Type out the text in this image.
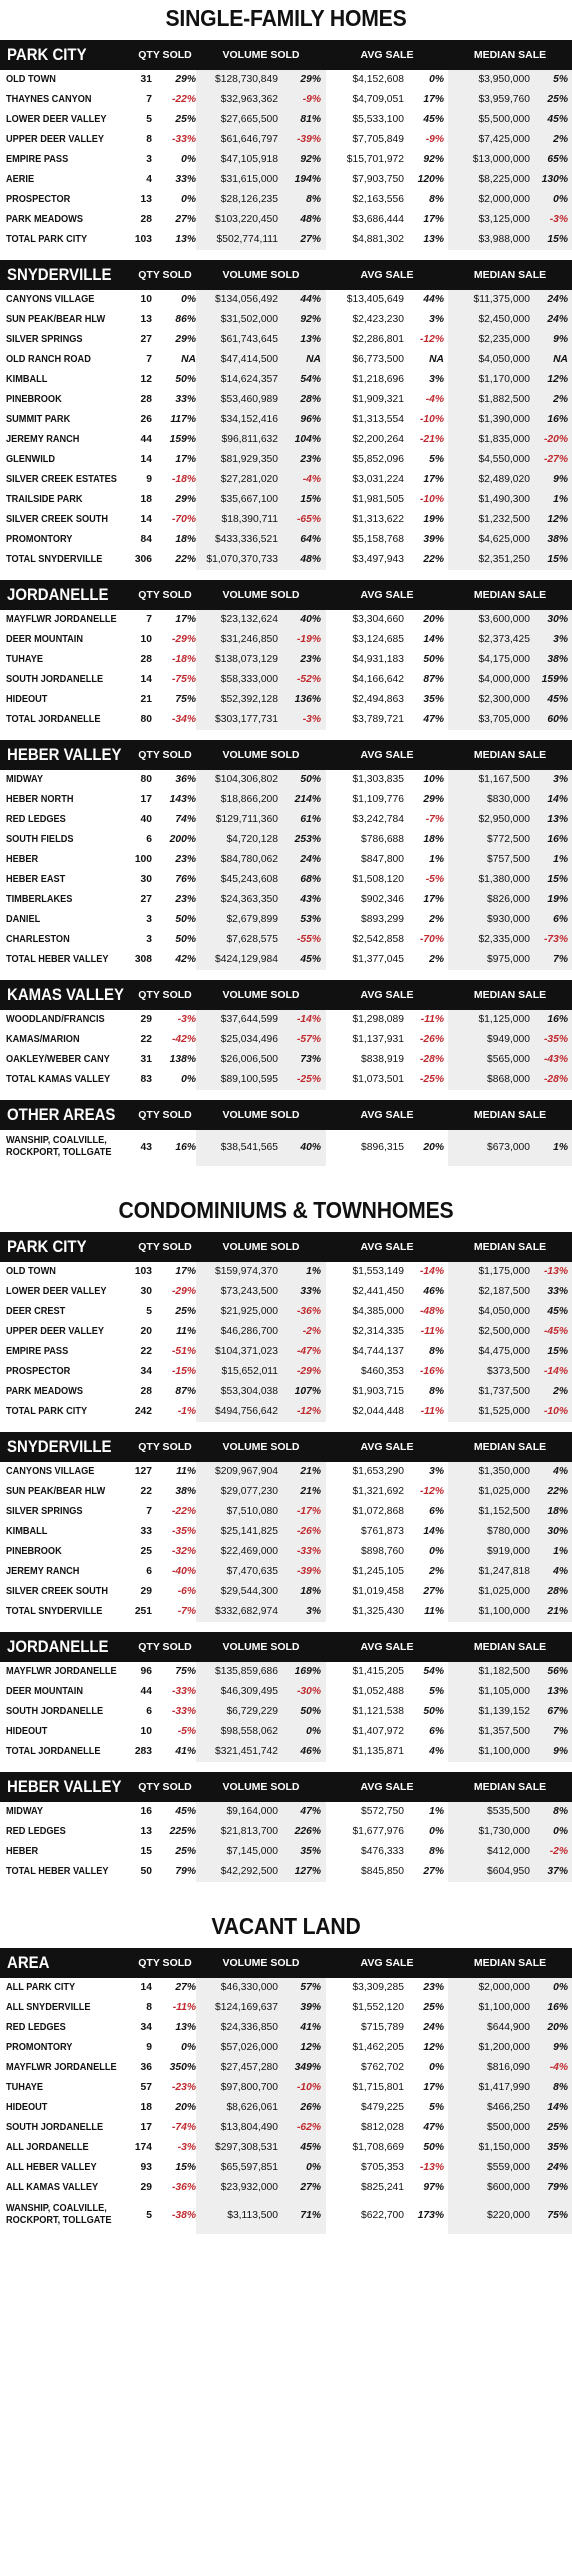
SINGLE-FAMILY HOMES
PARK CITY	QTY SOLD	VOLUME SOLD	AVG SALE	MEDIAN SALE
OLD TOWN	31	29%	$128,730,849	29%	$4,152,608	0%	$3,950,000	5%
THAYNES CANYON	7	-22%	$32,963,362	-9%	$4,709,051	17%	$3,959,760	25%
LOWER DEER VALLEY	5	25%	$27,665,500	81%	$5,533,100	45%	$5,500,000	45%
UPPER DEER VALLEY	8	-33%	$61,646,797	-39%	$7,705,849	-9%	$7,425,000	2%
EMPIRE PASS	3	0%	$47,105,918	92%	$15,701,972	92%	$13,000,000	65%
AERIE	4	33%	$31,615,000	194%	$7,903,750	120%	$8,225,000	130%
PROSPECTOR	13	0%	$28,126,235	8%	$2,163,556	8%	$2,000,000	0%
PARK MEADOWS	28	27%	$103,220,450	48%	$3,686,444	17%	$3,125,000	-3%
TOTAL PARK CITY	103	13%	$502,774,111	27%	$4,881,302	13%	$3,988,000	15%
SNYDERVILLE	QTY SOLD	VOLUME SOLD	AVG SALE	MEDIAN SALE
CANYONS VILLAGE	10	0%	$134,056,492	44%	$13,405,649	44%	$11,375,000	24%
SUN PEAK/BEAR HLW	13	86%	$31,502,000	92%	$2,423,230	3%	$2,450,000	24%
SILVER SPRINGS	27	29%	$61,743,645	13%	$2,286,801	-12%	$2,235,000	9%
OLD RANCH ROAD	7	NA	$47,414,500	NA	$6,773,500	NA	$4,050,000	NA
KIMBALL	12	50%	$14,624,357	54%	$1,218,696	3%	$1,170,000	12%
PINEBROOK	28	33%	$53,460,989	28%	$1,909,321	-4%	$1,882,500	2%
SUMMIT PARK	26	117%	$34,152,416	96%	$1,313,554	-10%	$1,390,000	16%
JEREMY RANCH	44	159%	$96,811,632	104%	$2,200,264	-21%	$1,835,000	-20%
GLENWILD	14	17%	$81,929,350	23%	$5,852,096	5%	$4,550,000	-27%
SILVER CREEK ESTATES	9	-18%	$27,281,020	-4%	$3,031,224	17%	$2,489,020	9%
TRAILSIDE PARK	18	29%	$35,667,100	15%	$1,981,505	-10%	$1,490,300	1%
SILVER CREEK SOUTH	14	-70%	$18,390,711	-65%	$1,313,622	19%	$1,232,500	12%
PROMONTORY	84	18%	$433,336,521	64%	$5,158,768	39%	$4,625,000	38%
TOTAL SNYDERVILLE	306	22%	$1,070,370,733	48%	$3,497,943	22%	$2,351,250	15%
JORDANELLE	QTY SOLD	VOLUME SOLD	AVG SALE	MEDIAN SALE
MAYFLWR JORDANELLE	7	17%	$23,132,624	40%	$3,304,660	20%	$3,600,000	30%
DEER MOUNTAIN	10	-29%	$31,246,850	-19%	$3,124,685	14%	$2,373,425	3%
TUHAYE	28	-18%	$138,073,129	23%	$4,931,183	50%	$4,175,000	38%
SOUTH JORDANELLE	14	-75%	$58,333,000	-52%	$4,166,642	87%	$4,000,000	159%
HIDEOUT	21	75%	$52,392,128	136%	$2,494,863	35%	$2,300,000	45%
TOTAL JORDANELLE	80	-34%	$303,177,731	-3%	$3,789,721	47%	$3,705,000	60%
HEBER VALLEY	QTY SOLD	VOLUME SOLD	AVG SALE	MEDIAN SALE
MIDWAY	80	36%	$104,306,802	50%	$1,303,835	10%	$1,167,500	3%
HEBER NORTH	17	143%	$18,866,200	214%	$1,109,776	29%	$830,000	14%
RED LEDGES	40	74%	$129,711,360	61%	$3,242,784	-7%	$2,950,000	13%
SOUTH FIELDS	6	200%	$4,720,128	253%	$786,688	18%	$772,500	16%
HEBER	100	23%	$84,780,062	24%	$847,800	1%	$757,500	1%
HEBER EAST	30	76%	$45,243,608	68%	$1,508,120	-5%	$1,380,000	15%
TIMBERLAKES	27	23%	$24,363,350	43%	$902,346	17%	$826,000	19%
DANIEL	3	50%	$2,679,899	53%	$893,299	2%	$930,000	6%
CHARLESTON	3	50%	$7,628,575	-55%	$2,542,858	-70%	$2,335,000	-73%
TOTAL HEBER VALLEY	308	42%	$424,129,984	45%	$1,377,045	2%	$975,000	7%
KAMAS VALLEY	QTY SOLD	VOLUME SOLD	AVG SALE	MEDIAN SALE
WOODLAND/FRANCIS	29	-3%	$37,644,599	-14%	$1,298,089	-11%	$1,125,000	16%
KAMAS/MARION	22	-42%	$25,034,496	-57%	$1,137,931	-26%	$949,000	-35%
OAKLEY/WEBER CANY	31	138%	$26,006,500	73%	$838,919	-28%	$565,000	-43%
TOTAL KAMAS VALLEY	83	0%	$89,100,595	-25%	$1,073,501	-25%	$868,000	-28%
OTHER AREAS	QTY SOLD	VOLUME SOLD	AVG SALE	MEDIAN SALE
WANSHIP, COALVILLE, ROCKPORT, TOLLGATE	43	16%	$38,541,565	40%	$896,315	20%	$673,000	1%
CONDOMINIUMS & TOWNHOMES
PARK CITY	QTY SOLD	VOLUME SOLD	AVG SALE	MEDIAN SALE
OLD TOWN	103	17%	$159,974,370	1%	$1,553,149	-14%	$1,175,000	-13%
LOWER DEER VALLEY	30	-29%	$73,243,500	33%	$2,441,450	46%	$2,187,500	33%
DEER CREST	5	25%	$21,925,000	-36%	$4,385,000	-48%	$4,050,000	45%
UPPER DEER VALLEY	20	11%	$46,286,700	-2%	$2,314,335	-11%	$2,500,000	-45%
EMPIRE PASS	22	-51%	$104,371,023	-47%	$4,744,137	8%	$4,475,000	15%
PROSPECTOR	34	-15%	$15,652,011	-29%	$460,353	-16%	$373,500	-14%
PARK MEADOWS	28	87%	$53,304,038	107%	$1,903,715	8%	$1,737,500	2%
TOTAL PARK CITY	242	-1%	$494,756,642	-12%	$2,044,448	-11%	$1,525,000	-10%
SNYDERVILLE	QTY SOLD	VOLUME SOLD	AVG SALE	MEDIAN SALE
CANYONS VILLAGE	127	11%	$209,967,904	21%	$1,653,290	3%	$1,350,000	4%
SUN PEAK/BEAR HLW	22	38%	$29,077,230	21%	$1,321,692	-12%	$1,025,000	22%
SILVER SPRINGS	7	-22%	$7,510,080	-17%	$1,072,868	6%	$1,152,500	18%
KIMBALL	33	-35%	$25,141,825	-26%	$761,873	14%	$780,000	30%
PINEBROOK	25	-32%	$22,469,000	-33%	$898,760	0%	$919,000	1%
JEREMY RANCH	6	-40%	$7,470,635	-39%	$1,245,105	2%	$1,247,818	4%
SILVER CREEK SOUTH	29	-6%	$29,544,300	18%	$1,019,458	27%	$1,025,000	28%
TOTAL SNYDERVILLE	251	-7%	$332,682,974	3%	$1,325,430	11%	$1,100,000	21%
JORDANELLE	QTY SOLD	VOLUME SOLD	AVG SALE	MEDIAN SALE
MAYFLWR JORDANELLE	96	75%	$135,859,686	169%	$1,415,205	54%	$1,182,500	56%
DEER MOUNTAIN	44	-33%	$46,309,495	-30%	$1,052,488	5%	$1,105,000	13%
SOUTH JORDANELLE	6	-33%	$6,729,229	50%	$1,121,538	50%	$1,139,152	67%
HIDEOUT	10	-5%	$98,558,062	0%	$1,407,972	6%	$1,357,500	7%
TOTAL JORDANELLE	283	41%	$321,451,742	46%	$1,135,871	4%	$1,100,000	9%
HEBER VALLEY	QTY SOLD	VOLUME SOLD	AVG SALE	MEDIAN SALE
MIDWAY	16	45%	$9,164,000	47%	$572,750	1%	$535,500	8%
RED LEDGES	13	225%	$21,813,700	226%	$1,677,976	0%	$1,730,000	0%
HEBER	15	25%	$7,145,000	35%	$476,333	8%	$412,000	-2%
TOTAL HEBER VALLEY	50	79%	$42,292,500	127%	$845,850	27%	$604,950	37%
VACANT LAND
AREA	QTY SOLD	VOLUME SOLD	AVG SALE	MEDIAN SALE
ALL PARK CITY	14	27%	$46,330,000	57%	$3,309,285	23%	$2,000,000	0%
ALL SNYDERVILLE	8	-11%	$124,169,637	39%	$1,552,120	25%	$1,100,000	16%
RED LEDGES	34	13%	$24,336,850	41%	$715,789	24%	$644,900	20%
PROMONTORY	9	0%	$57,026,000	12%	$1,462,205	12%	$1,200,000	9%
MAYFLWR JORDANELLE	36	350%	$27,457,280	349%	$762,702	0%	$816,090	-4%
TUHAYE	57	-23%	$97,800,700	-10%	$1,715,801	17%	$1,417,990	8%
HIDEOUT	18	20%	$8,626,061	26%	$479,225	5%	$466,250	14%
SOUTH JORDANELLE	17	-74%	$13,804,490	-62%	$812,028	47%	$500,000	25%
ALL JORDANELLE	174	-3%	$297,308,531	45%	$1,708,669	50%	$1,150,000	35%
ALL HEBER VALLEY	93	15%	$65,597,851	0%	$705,353	-13%	$559,000	24%
ALL KAMAS VALLEY	29	-36%	$23,932,000	27%	$825,241	97%	$600,000	79%
WANSHIP, COALVILLE, ROCKPORT, TOLLGATE	5	-38%	$3,113,500	71%	$622,700	173%	$220,000	75%
